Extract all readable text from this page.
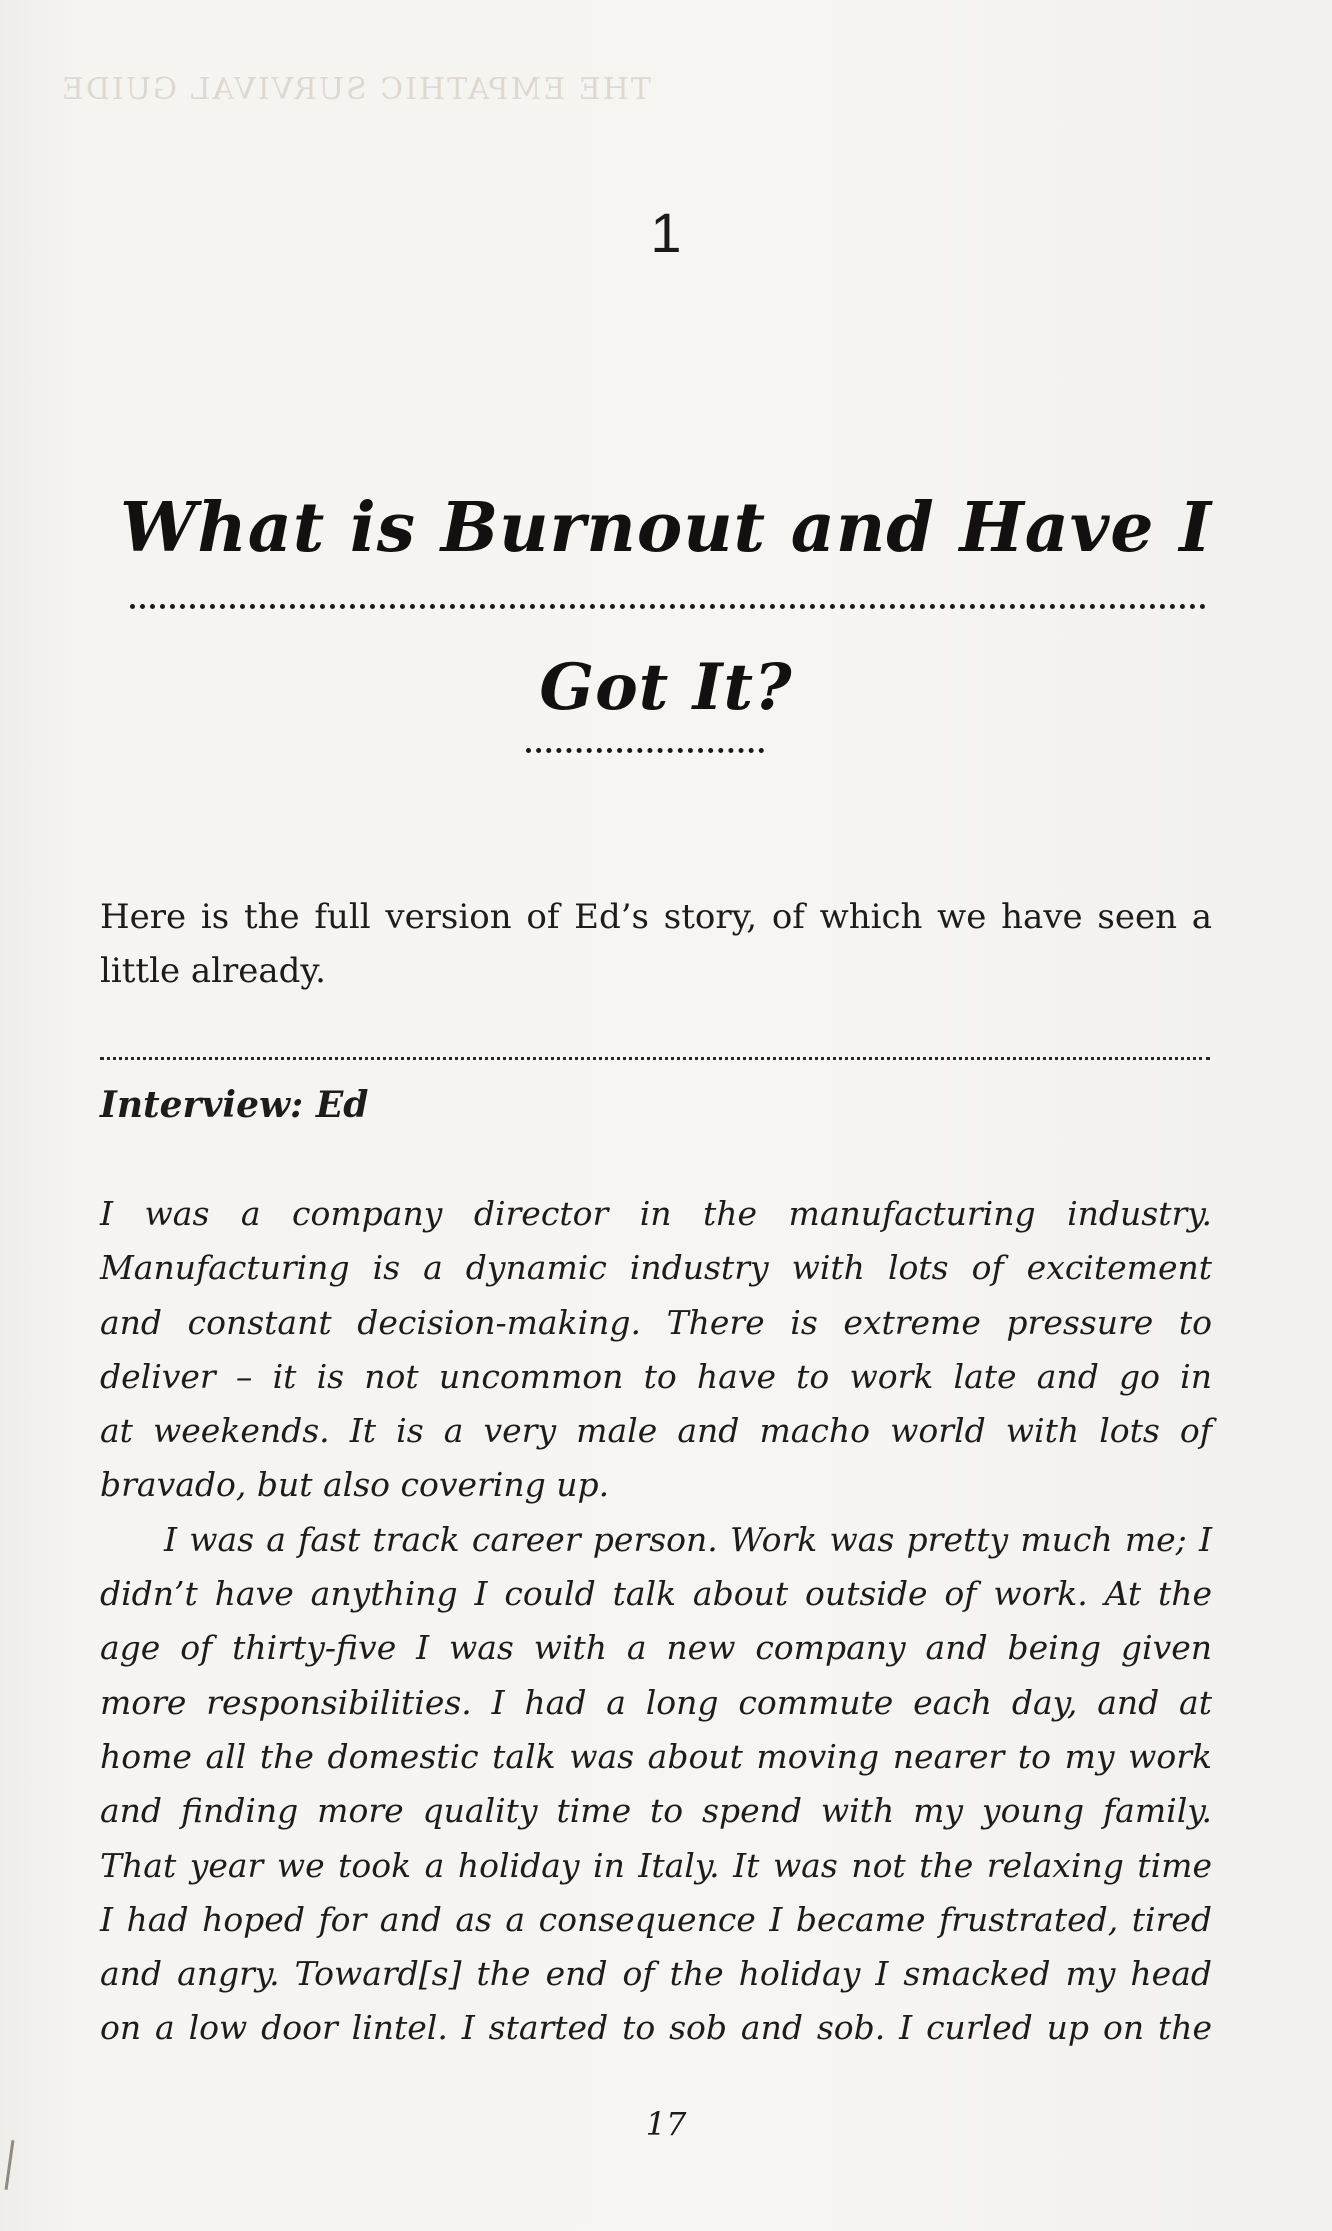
THE EMPATHIC SURVIVAL GUIDE
1
What is Burnout and Have I
Got It?

Here is the full version of Ed’s story, of which we have seen a little already.

Interview: Ed

I was a company director in the manufacturing industry.
Manufacturing is a dynamic industry with lots of excitement
and constant decision-making. There is extreme pressure to
deliver – it is not uncommon to have to work late and go in
at weekends. It is a very male and macho world with lots of
bravado, but also covering up.

I was a fast track career person. Work was pretty much me; I
didn’t have anything I could talk about outside of work. At the
age of thirty-five I was with a new company and being given
more responsibilities. I had a long commute each day, and at
home all the domestic talk was about moving nearer to my work
and finding more quality time to spend with my young family.
That year we took a holiday in Italy. It was not the relaxing time
I had hoped for and as a consequence I became frustrated, tired
and angry. Toward[s] the end of the holiday I smacked my head
on a low door lintel. I started to sob and sob. I curled up on the

17
